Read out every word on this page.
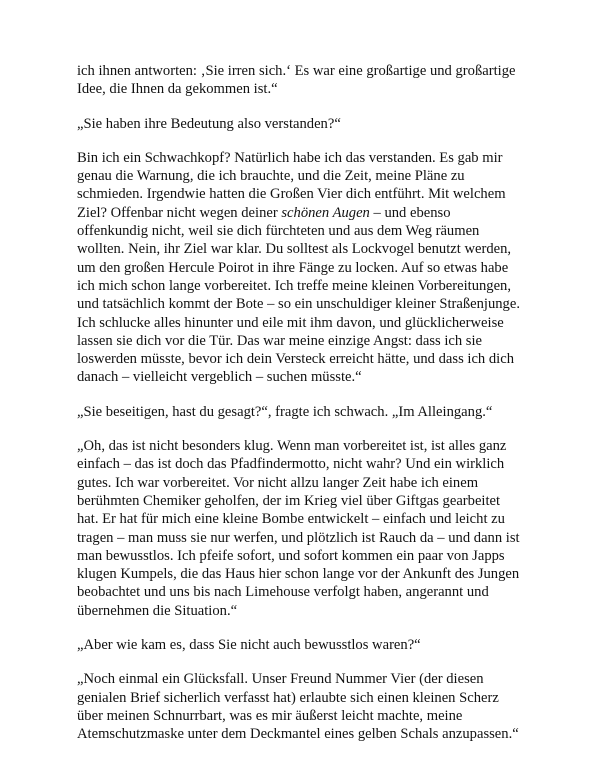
ich ihnen antworten: ‚Sie irren sich.‘ Es war eine großartige und großartige
Idee, die Ihnen da gekommen ist.“

„Sie haben ihre Bedeutung also verstanden?“

Bin ich ein Schwachkopf? Natürlich habe ich das verstanden. Es gab mir
genau die Warnung, die ich brauchte, und die Zeit, meine Pläne zu
schmieden. Irgendwie hatten die Großen Vier dich entführt. Mit welchem
Ziel? Offenbar nicht wegen deiner schönen Augen – und ebenso
offenkundig nicht, weil sie dich fürchteten und aus dem Weg räumen
wollten. Nein, ihr Ziel war klar. Du solltest als Lockvogel benutzt werden,
um den großen Hercule Poirot in ihre Fänge zu locken. Auf so etwas habe
ich mich schon lange vorbereitet. Ich treffe meine kleinen Vorbereitungen,
und tatsächlich kommt der Bote – so ein unschuldiger kleiner Straßenjunge.
Ich schlucke alles hinunter und eile mit ihm davon, und glücklicherweise
lassen sie dich vor die Tür. Das war meine einzige Angst: dass ich sie
loswerden müsste, bevor ich dein Versteck erreicht hätte, und dass ich dich
danach – vielleicht vergeblich – suchen müsste.“

„Sie beseitigen, hast du gesagt?“, fragte ich schwach. „Im Alleingang.“

„Oh, das ist nicht besonders klug. Wenn man vorbereitet ist, ist alles ganz
einfach – das ist doch das Pfadfindermotto, nicht wahr? Und ein wirklich
gutes. Ich war vorbereitet. Vor nicht allzu langer Zeit habe ich einem
berühmten Chemiker geholfen, der im Krieg viel über Giftgas gearbeitet
hat. Er hat für mich eine kleine Bombe entwickelt – einfach und leicht zu
tragen – man muss sie nur werfen, und plötzlich ist Rauch da – und dann ist
man bewusstlos. Ich pfeife sofort, und sofort kommen ein paar von Japps
klugen Kumpels, die das Haus hier schon lange vor der Ankunft des Jungen
beobachtet und uns bis nach Limehouse verfolgt haben, angerannt und
übernehmen die Situation.“

„Aber wie kam es, dass Sie nicht auch bewusstlos waren?“

„Noch einmal ein Glücksfall. Unser Freund Nummer Vier (der diesen
genialen Brief sicherlich verfasst hat) erlaubte sich einen kleinen Scherz
über meinen Schnurrbart, was es mir äußerst leicht machte, meine
Atemschutzmaske unter dem Deckmantel eines gelben Schals anzupassen.“
